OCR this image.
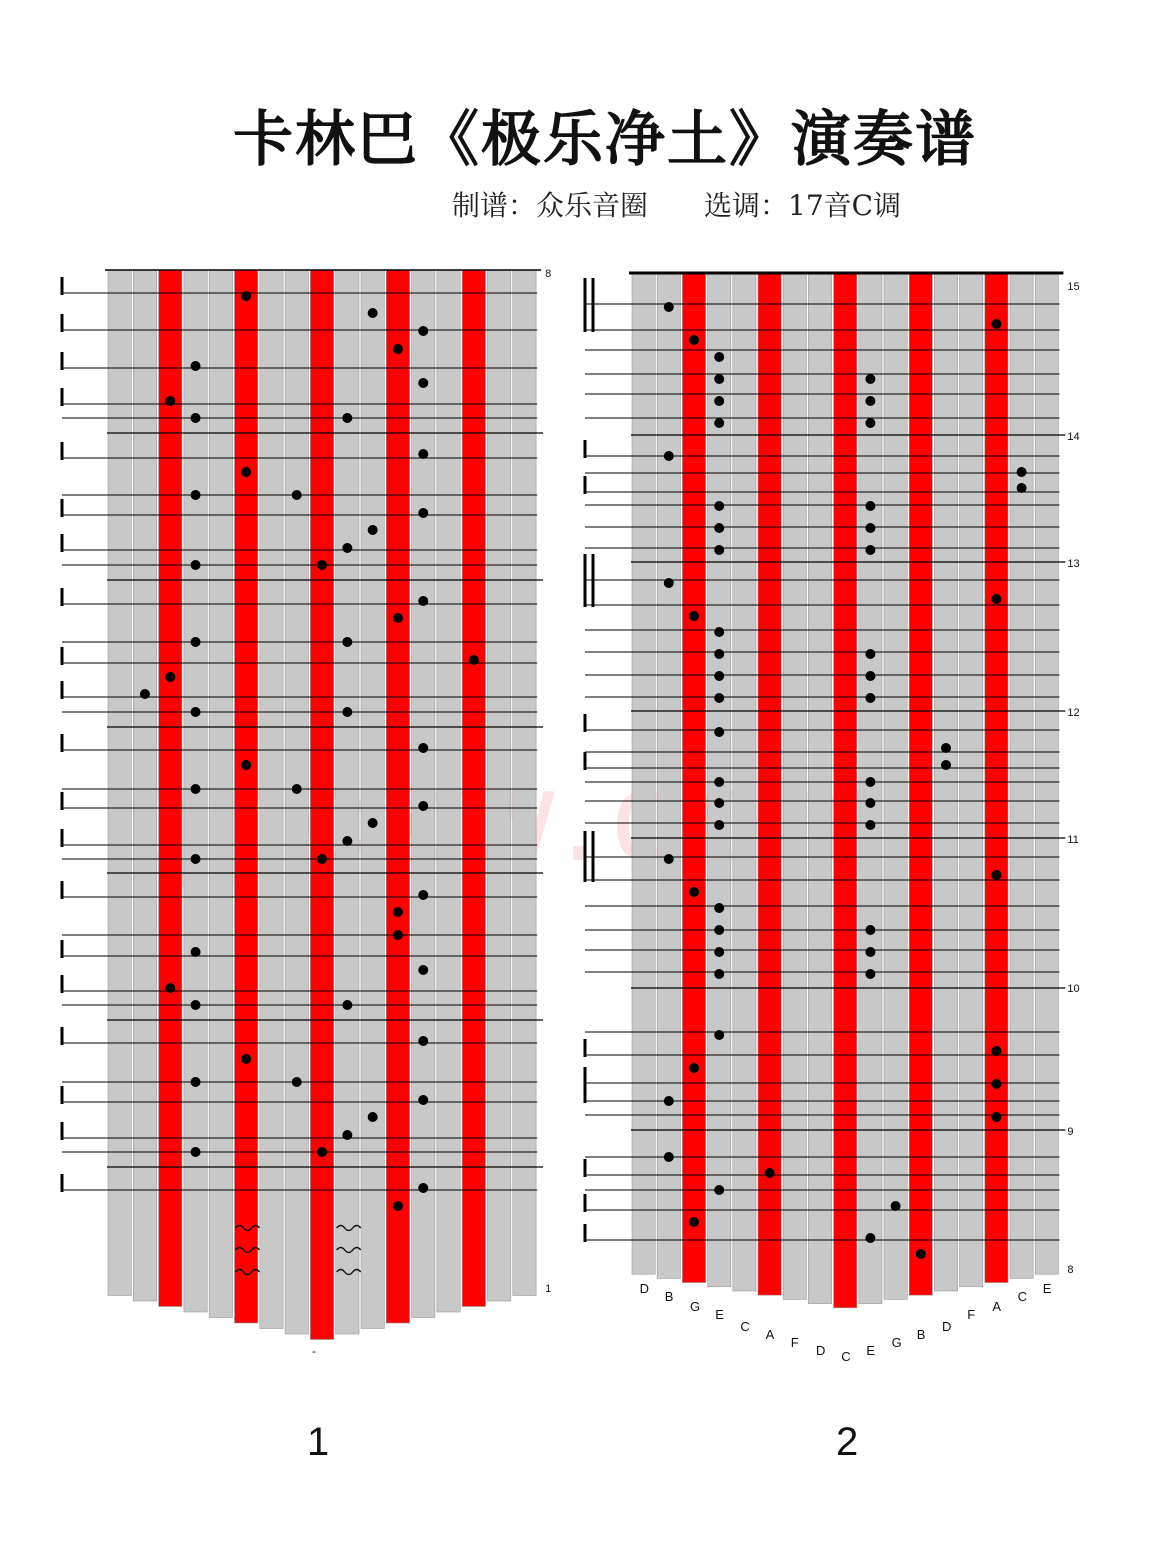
卡林巴《极乐净土》演奏谱
制谱：众乐音圈 选调：17音C调
8
1
-
15
14
13
12
11
10
9
8
D
B
G
E
C
A
F
D C E
G
B
D
F
A
C
E
1	2
